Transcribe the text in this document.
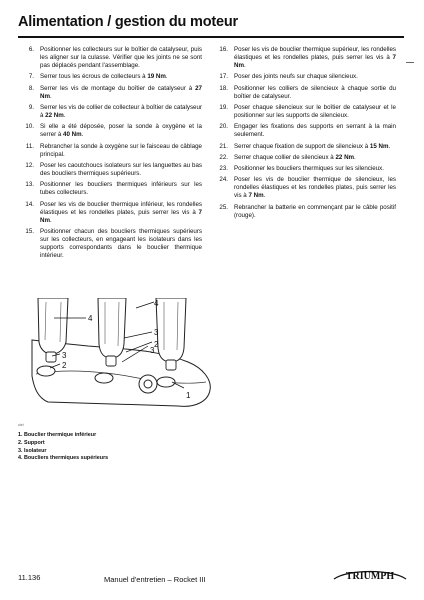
Alimentation / gestion du moteur
6. Positionner les collecteurs sur le boîtier de catalyseur, puis les aligner sur la culasse. Vérifier que les joints ne se sont pas déplacés pendant l'assemblage.
7. Serrer tous les écrous de collecteurs à 19 Nm.
8. Serrer les vis de montage du boîtier de catalyseur à 27 Nm.
9. Serrer les vis de collier de collecteur à boîtier de catalyseur à 22 Nm.
10. Si elle a été déposée, poser la sonde à oxygène et la serrer à 40 Nm.
11. Rebrancher la sonde à oxygène sur le faisceau de câblage principal.
12. Poser les caoutchoucs isolateurs sur les languettes au bas des boucliers thermiques supérieurs.
13. Positionner les boucliers thermiques inférieurs sur les tubes collecteurs.
14. Poser les vis de bouclier thermique inférieur, les rondelles élastiques et les rondelles plates, puis serrer les vis à 7 Nm.
15. Positionner chacun des boucliers thermiques supérieurs sur les collecteurs, en engageant les isolateurs dans les supports correspondants dans le bouclier thermique intérieur.
16. Poser les vis de bouclier thermique supérieur, les rondelles élastiques et les rondelles plates, puis serrer les vis à 7 Nm.
17. Poser des joints neufs sur chaque silencieux.
18. Positionner les colliers de silencieux à chaque sortie du boîtier de catalyseur.
19. Poser chaque silencieux sur le boîtier de catalyseur et le positionner sur les supports de silencieux.
20. Engager les fixations des supports en serrant à la main seulement.
21. Serrer chaque fixation de support de silencieux à 15 Nm.
22. Serrer chaque collier de silencieux à 22 Nm.
23. Positionner les boucliers thermiques sur les silencieux.
24. Poser les vis de bouclier thermique de silencieux, les rondelles élastiques et les rondelles plates, puis serrer les vis à 7 Nm.
25. Rebrancher la batterie en commençant par le câble positif (rouge).
4
4
3
2
3
3
2
1
ulei
1. Bouclier thermique inférieur
2. Support
3. Isolateur
4. Boucliers thermiques supérieurs
11.136	Manuel d'entretien – Rocket III	TRIUMPH
